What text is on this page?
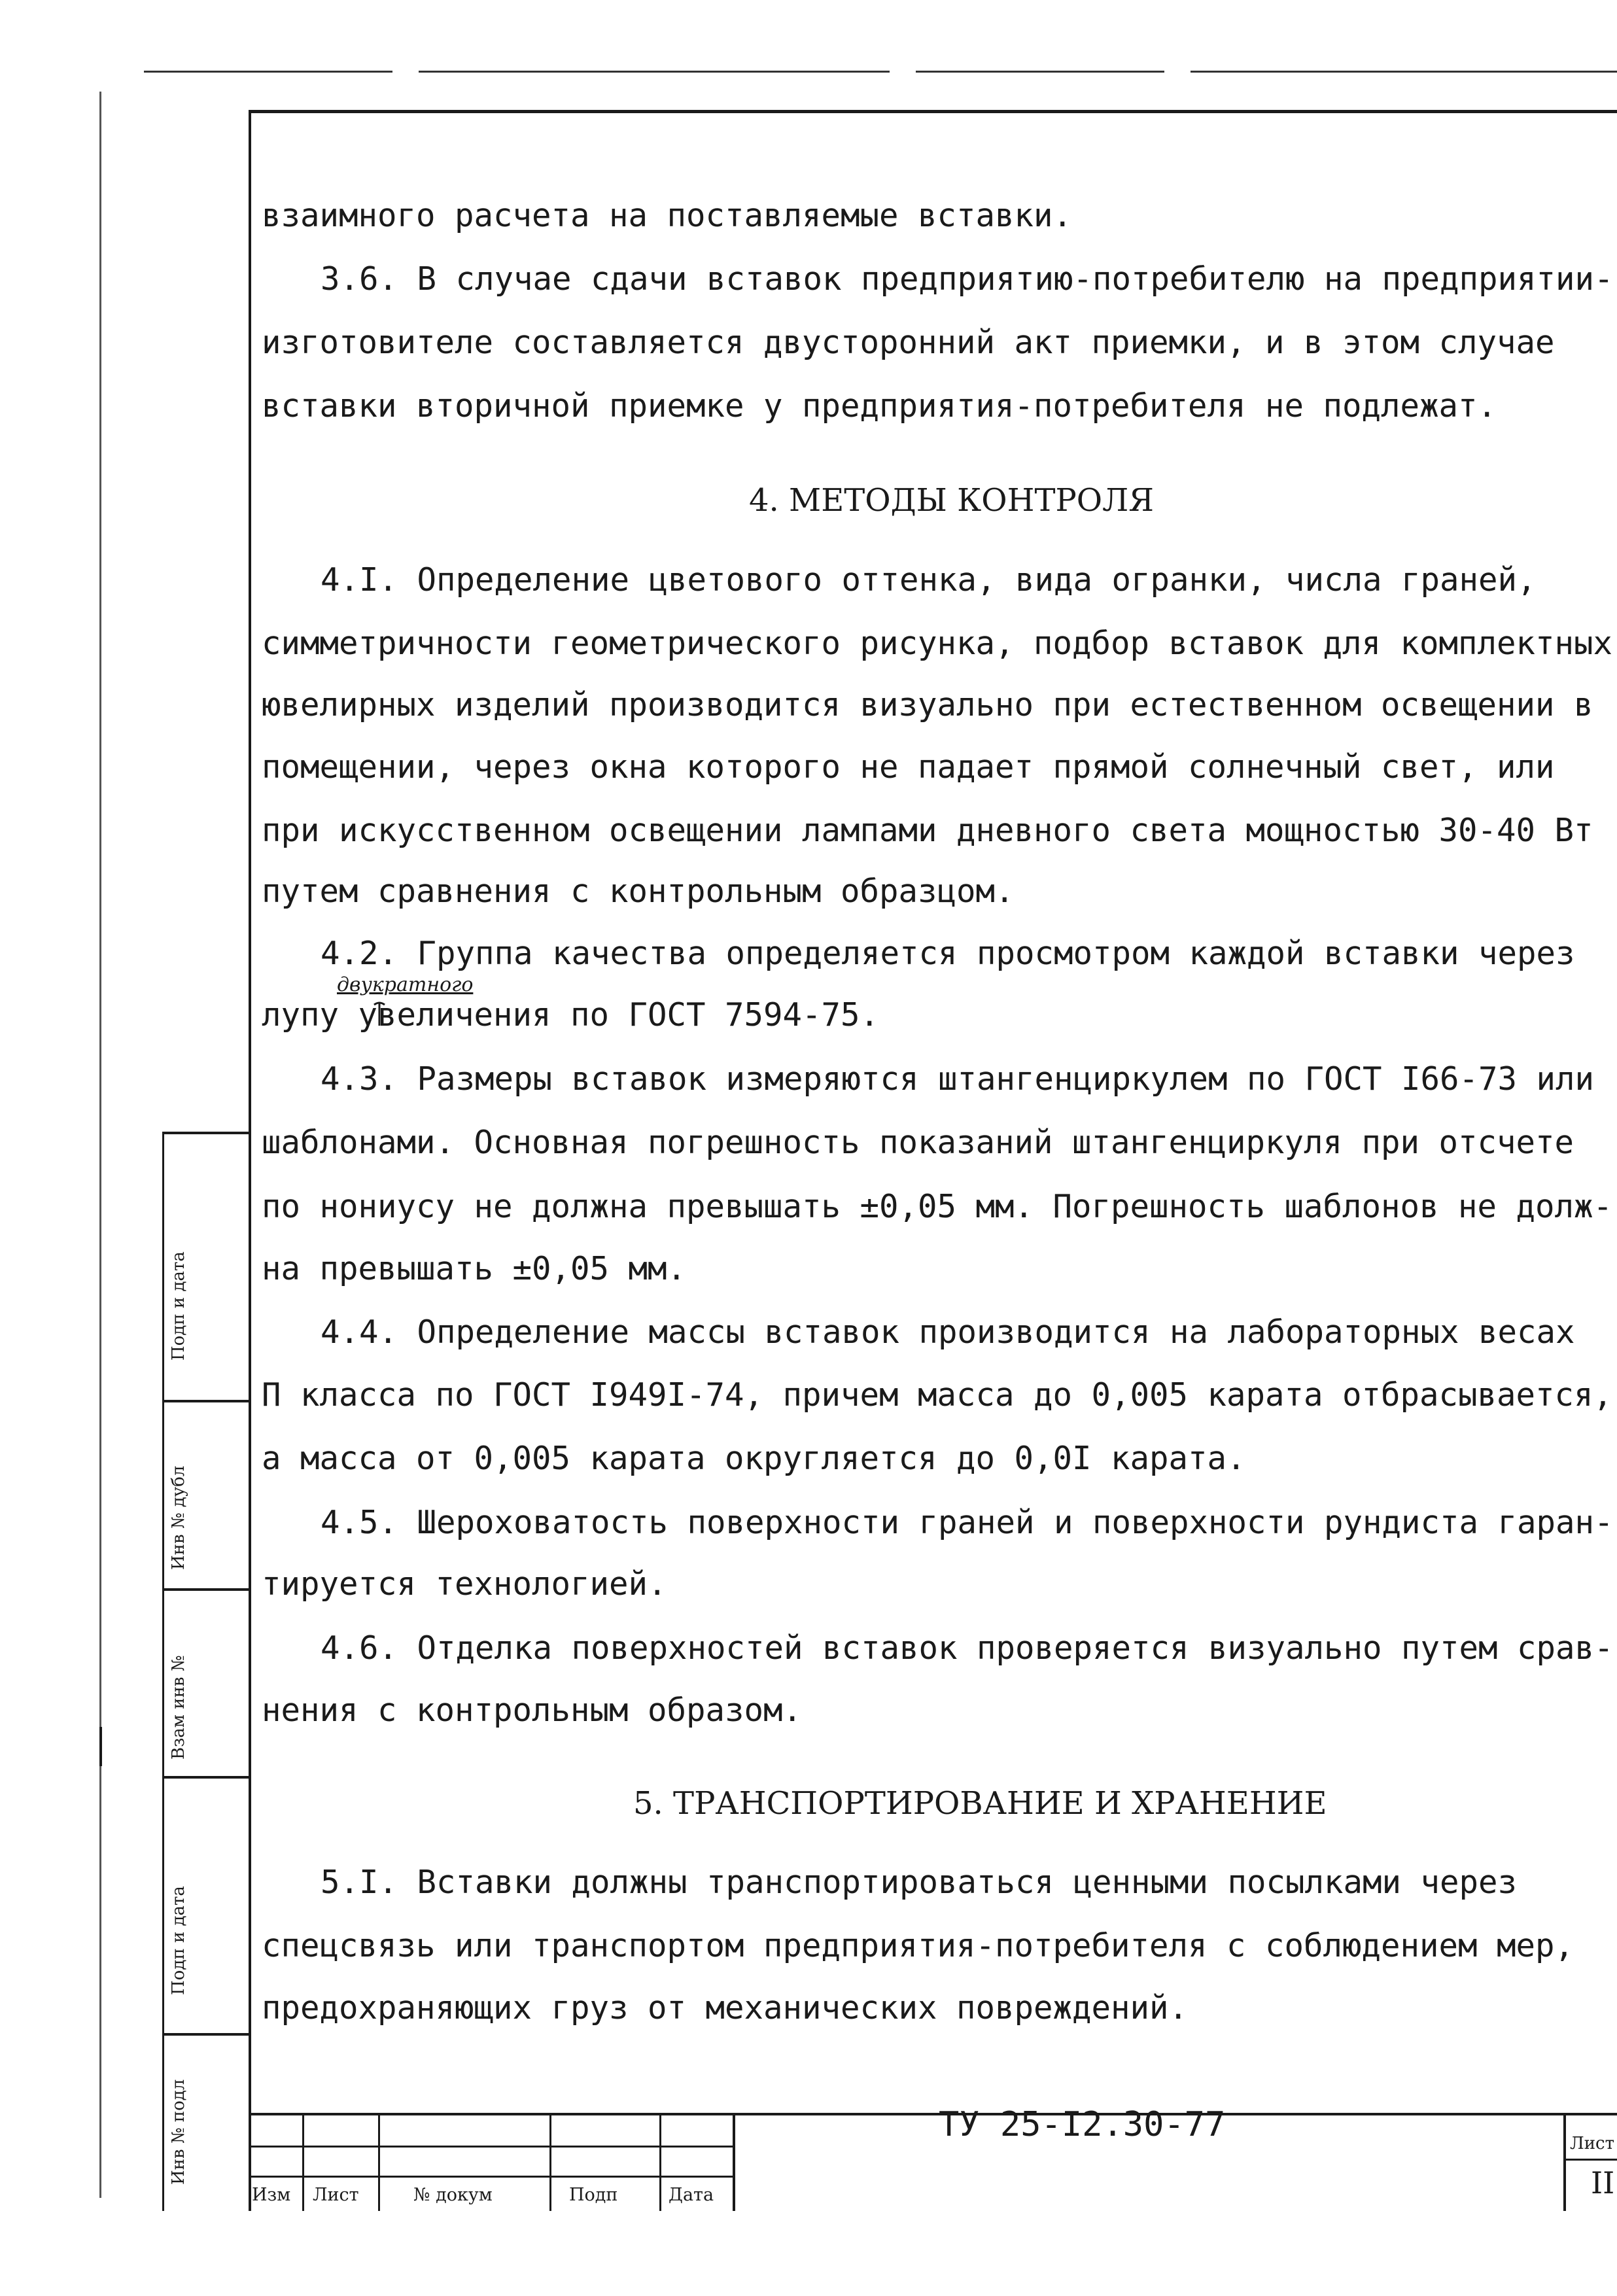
Подп и дата
Инв № дубл
Взам инв №
Подп и дата
Инв № подл
взаимного расчета на поставляемые вставки.
3.6. В случае сдачи вставок предприятию-потребителю на предприятии-
изготовителе составляется двусторонний акт приемки, и в этом случае
вставки вторичной приемке у предприятия-потребителя не подлежат.
4. МЕТОДЫ КОНТРОЛЯ
4.I. Определение цветового оттенка, вида огранки, числа граней,
симметричности геометрического рисунка, подбор вставок для комплектных
ювелирных изделий производится визуально при естественном освещении в
помещении, через окна которого не падает прямой солнечный свет, или
при искусственном освещении лампами дневного света мощностью 30-40 Вт
путем сравнения с контрольным образцом.
4.2. Группа качества определяется просмотром каждой вставки через
двукратного
лупу увеличения по ГОСТ 7594-75.
4.3. Размеры вставок измеряются штангенциркулем по ГОСТ I66-73 или
шаблонами. Основная погрешность показаний штангенциркуля при отсчете
по нониусу не должна превышать ±0,05 мм. Погрешность шаблонов не долж-
на превышать ±0,05 мм.
4.4. Определение массы вставок производится на лабораторных весах
П класса по ГОСТ I949I-74, причем масса до 0,005 карата отбрасывается,
а масса от 0,005 карата округляется до 0,0I карата.
4.5. Шероховатость поверхности граней и поверхности рундиста гаран-
тируется технологией.
4.6. Отделка поверхностей вставок проверяется визуально путем срав-
нения с контрольным образом.
5. ТРАНСПОРТИРОВАНИЕ И ХРАНЕНИЕ
5.I. Вставки должны транспортироваться ценными посылками через
спецсвязь или транспортом предприятия-потребителя с соблюдением мер,
предохраняющих груз от механических повреждений.
Изм Лист	№ докум	Подп	Дата
ТУ 25-I2.30-77	Лист
II
